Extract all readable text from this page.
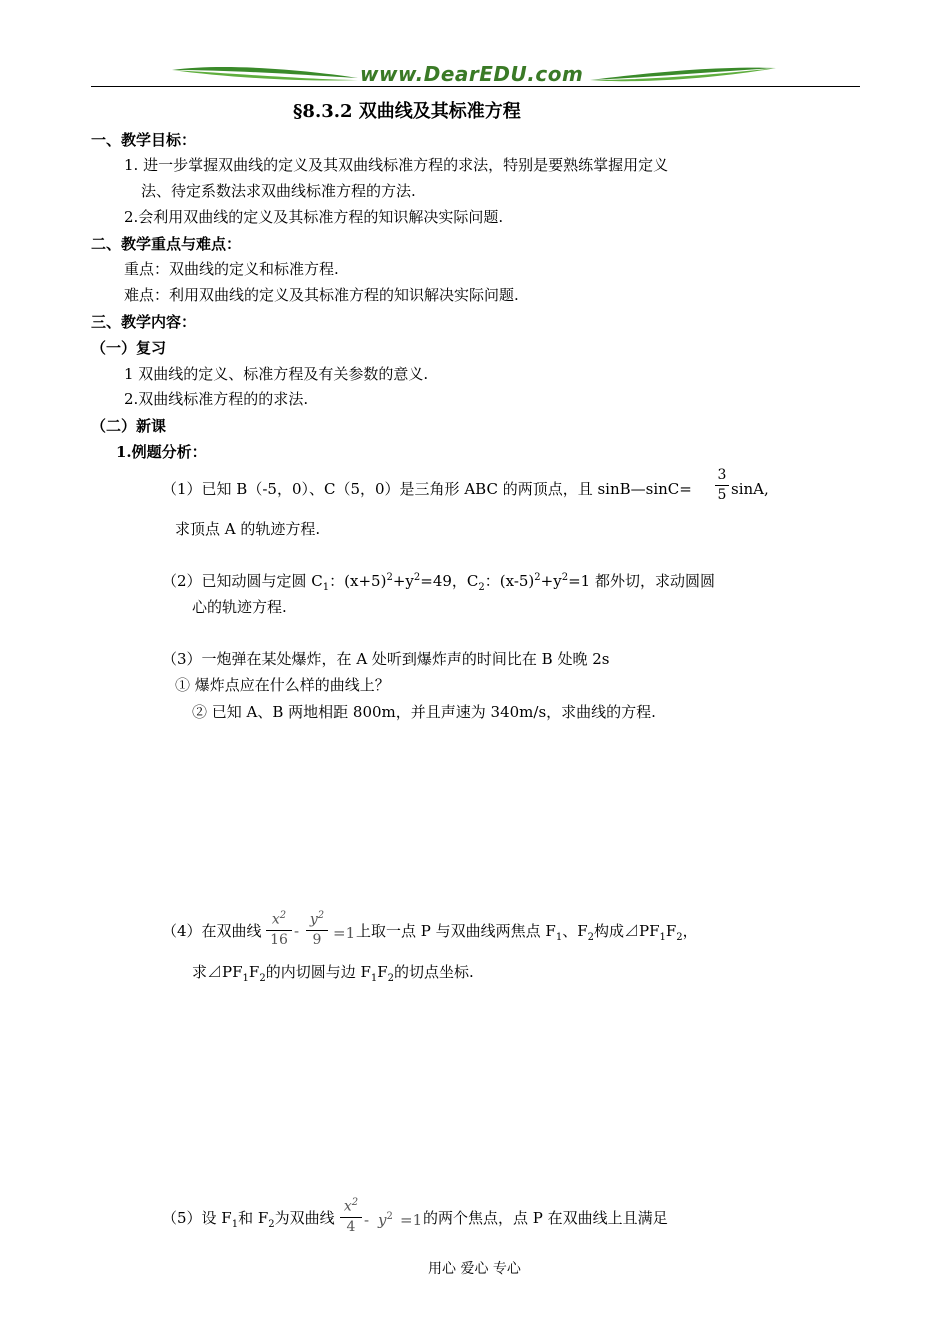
www.DearEDU.com
§8.3.2 双曲线及其标准方程
一、教学目标：
1. 进一步掌握双曲线的定义及其双曲线标准方程的求法，特别是要熟练掌握用定义
法、待定系数法求双曲线标准方程的方法.
2.会利用双曲线的定义及其标准方程的知识解决实际问题.
二、教学重点与难点：
重点：双曲线的定义和标准方程.
难点：利用双曲线的定义及其标准方程的知识解决实际问题.
三、教学内容：
（一）复习
1 双曲线的定义、标准方程及有关参数的意义.
2.双曲线标准方程的的求法.
（二）新课
1.例题分析：
（1）已知 B（-5，0）、C（5，0）是三角形 ABC 的两顶点，且 sinB—sinC=
3
5 sinA,
求顶点 A 的轨迹方程.
（2）已知动圆与定圆 $C_1$：$(x+5)^2+y^2=49$，$C_2$：$(x-5)^2+y^2=1$ 都外切，求动圆圆
心的轨迹方程.
（3）一炮弹在某处爆炸，在 A 处听到爆炸声的时间比在 B 处晚 2s
① 爆炸点应在什么样的曲线上？
② 已知 A、B 两地相距 800m，并且声速为 340m/s，求曲线的方程.
（4）在双曲线
$x^2$
16
-
$y^2$
9 =1 上取一点 P 与双曲线两焦点 $F_1$、$F_2$构成$⊿PF_1F_2$，
求$⊿PF_1F_2$的内切圆与边 $F_1F_2$的切点坐标.
（5）设 $F_1$和 $F_2$为双曲线
$x^2$
$4 - y^2 =1$ 的两个焦点，点 P 在双曲线上且满足
用心 爱心 专心
